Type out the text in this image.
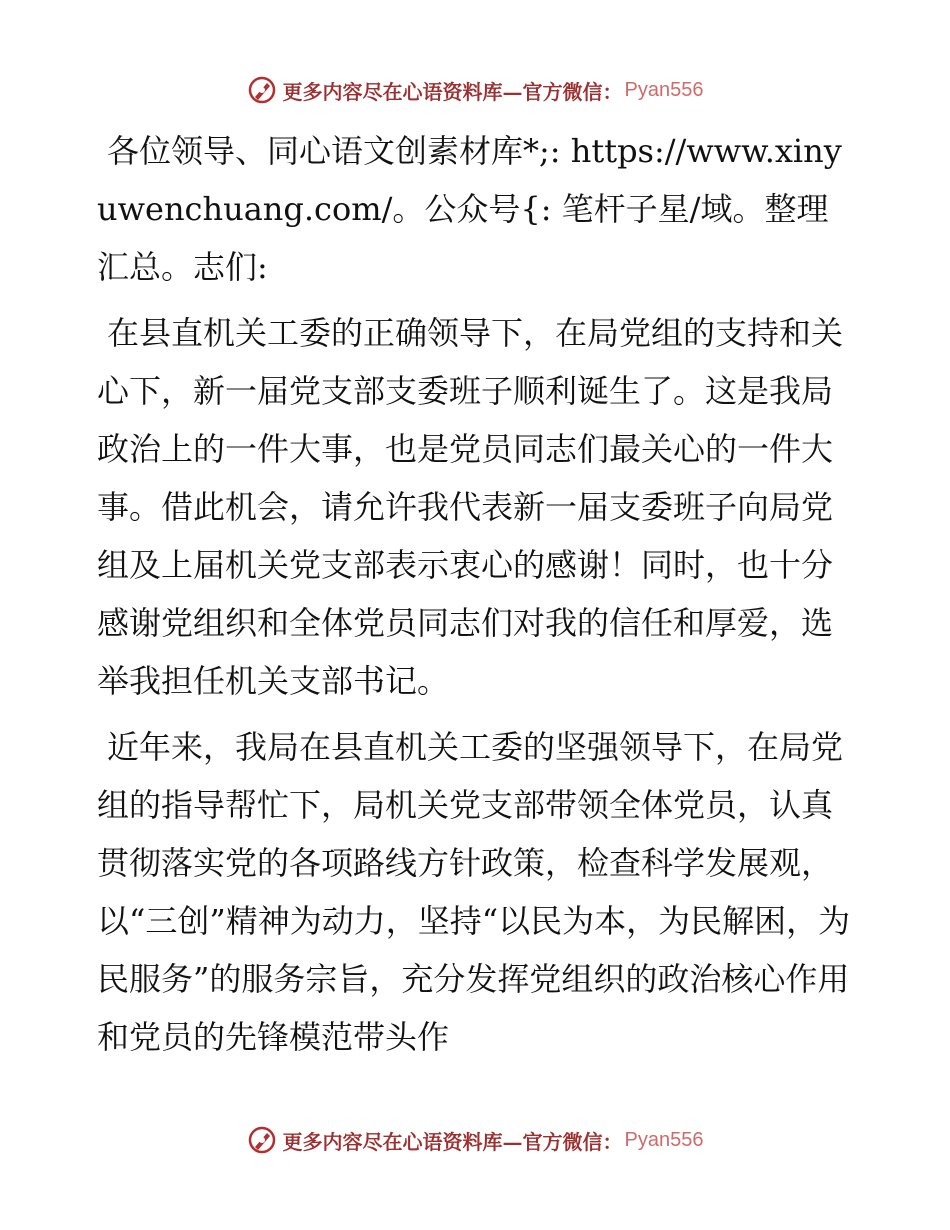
更多内容尽在心语资料库—官方微信： Pyan556

各位领导、同心语文创素材库*;: https://www.xinyuwenchuang.com/。公众号{: 笔杆子星/域。整理汇总。志们:

在县直机关工委的正确领导下，在局党组的支持和关心下，新一届党支部支委班子顺利诞生了。这是我局政治上的一件大事，也是党员同志们最关心的一件大事。借此机会，请允许我代表新一届支委班子向局党组及上届机关党支部表示衷心的感谢！同时，也十分感谢党组织和全体党员同志们对我的信任和厚爱，选举我担任机关支部书记。

近年来，我局在县直机关工委的坚强领导下，在局党组的指导帮忙下，局机关党支部带领全体党员，认真贯彻落实党的各项路线方针政策，检查科学发展观，以“三创”精神为动力，坚持“以民为本，为民解困，为民服务”的服务宗旨，充分发挥党组织的政治核心作用和党员的先锋模范带头作

更多内容尽在心语资料库—官方微信： Pyan556
